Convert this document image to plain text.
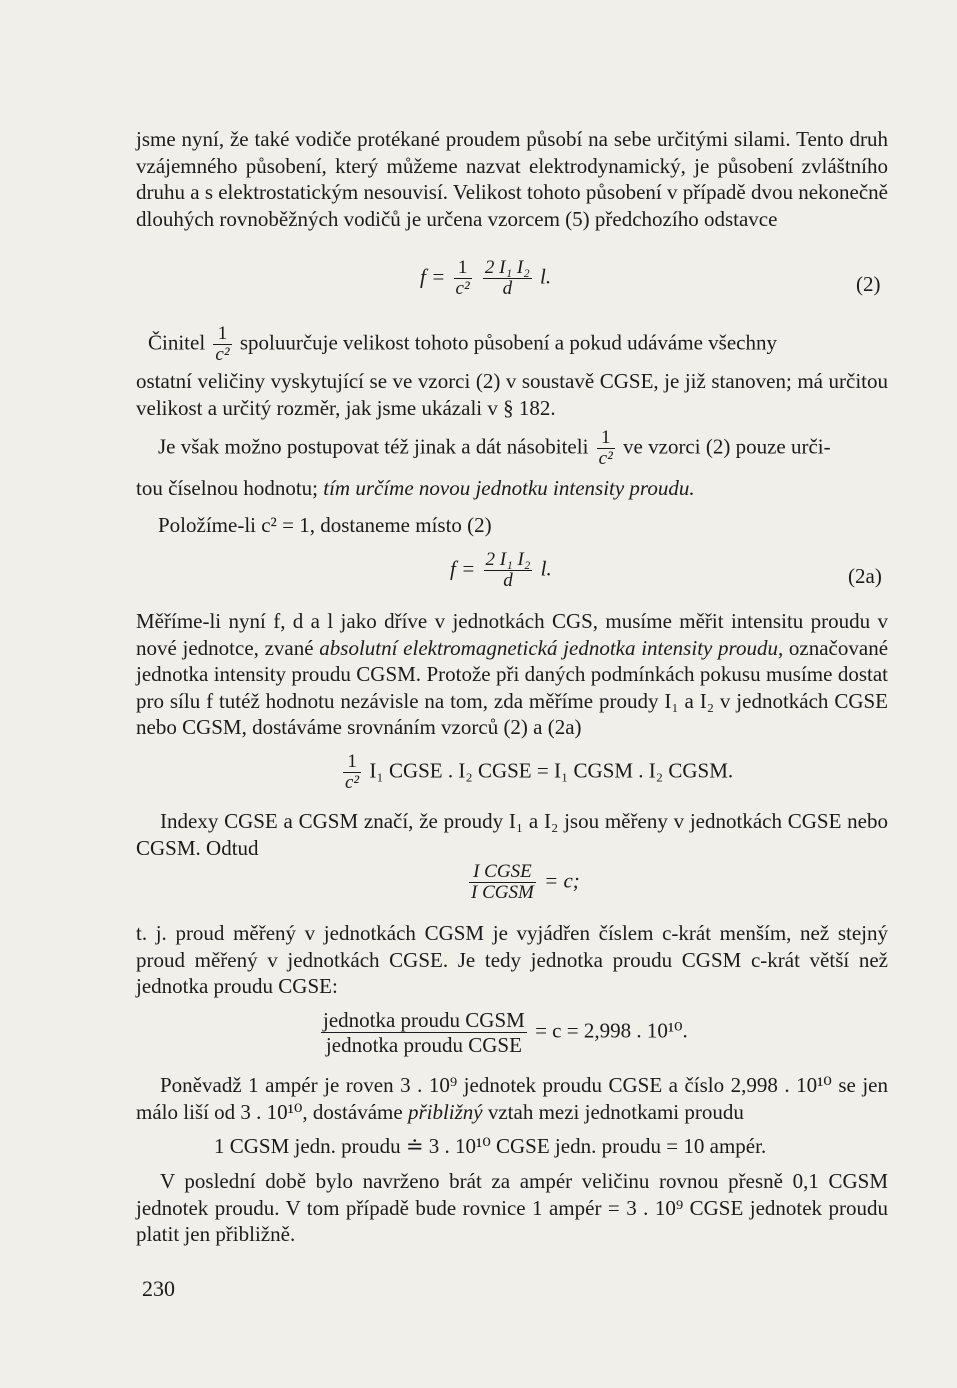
jsme nyní, že také vodiče protékané proudem působí na sebe určitými silami. Tento druh vzájemného působení, který můžeme nazvat elektrodynamický, je působení zvláštního druhu a s elektrostatickým nesouvisí. Velikost tohoto působení v případě dvou nekonečně dlouhých rovnoběžných vodičů je určena vzorcem (5) předchozího odstavce

$f = \frac{1}{\text{c²}}$
$\frac{\text{2 I₁ I₂}}{d} l$.	(2)
Činitel $\frac{1}{\text{c²}}$ spoluurčuje velikost tohoto působení a pokud udáváme všechny

ostatní veličiny vyskytující se ve vzorci (2) v soustavě CGSE, je již stanoven; má určitou velikost a určitý rozměr, jak jsme ukázali v § 182.

Je však možno postupovat též jinak a dát násobiteli $\frac{1}{\text{c²}}$ ve vzorci (2) pouze urči-
tou číselnou hodnotu; tím určíme novou jednotku intensity proudu.
Položíme-li c² = 1, dostaneme místo (2)
$f = \frac{\text{2 I₁ I₂}}{d} l$.	(2a)

Měříme-li nyní f, d a l jako dříve v jednotkách CGS, musíme měřit intensitu proudu v nové jednotce, zvané absolutní elektromagnetická jednotka intensity proudu, označované jednotka intensity proudu CGSM. Protože při daných podmínkách pokusu musíme dostat pro sílu f tutéž hodnotu nezávisle na tom, zda měříme proudy I₁ a I₂ v jednotkách CGSE nebo CGSM, dostáváme srovnáním vzorců (2) a (2a)

$\frac{1}{\text{c²}} I_1$ CGSE . I₂ CGSE = I₁ CGSM . I₂ CGSM.

Indexy CGSE a CGSM značí, že proudy I₁ a I₂ jsou měřeny v jednotkách CGSE nebo CGSM. Odtud

$\frac{\text{I CGSE}}{\text{I CGSM}} = c$;

t. j. proud měřený v jednotkách CGSM je vyjádřen číslem c-krát menším, než stejný proud měřený v jednotkách CGSE. Je tedy jednotka proudu CGSM c-krát větší než jednotka proudu CGSE:

$\frac{\text{jednotka proudu CGSM}}{\text{jednotka proudu CGSE}} = c = 2,998$ . 10¹⁰.

Poněvadž 1 ampér je roven 3 . 10⁹ jednotek proudu CGSE a číslo 2,998 . 10¹⁰ se jen málo liší od 3 . 10¹⁰, dostáváme přibližný vztah mezi jednotkami proudu

1 CGSM jedn. proudu ≐ 3 . 10¹⁰ CGSE jedn. proudu = 10 ampér.

V poslední době bylo navrženo brát za ampér veličinu rovnou přesně 0,1 CGSM jednotek proudu. V tom případě bude rovnice 1 ampér = 3 . 10⁹ CGSE jednotek proudu platit jen přibližně.

230
